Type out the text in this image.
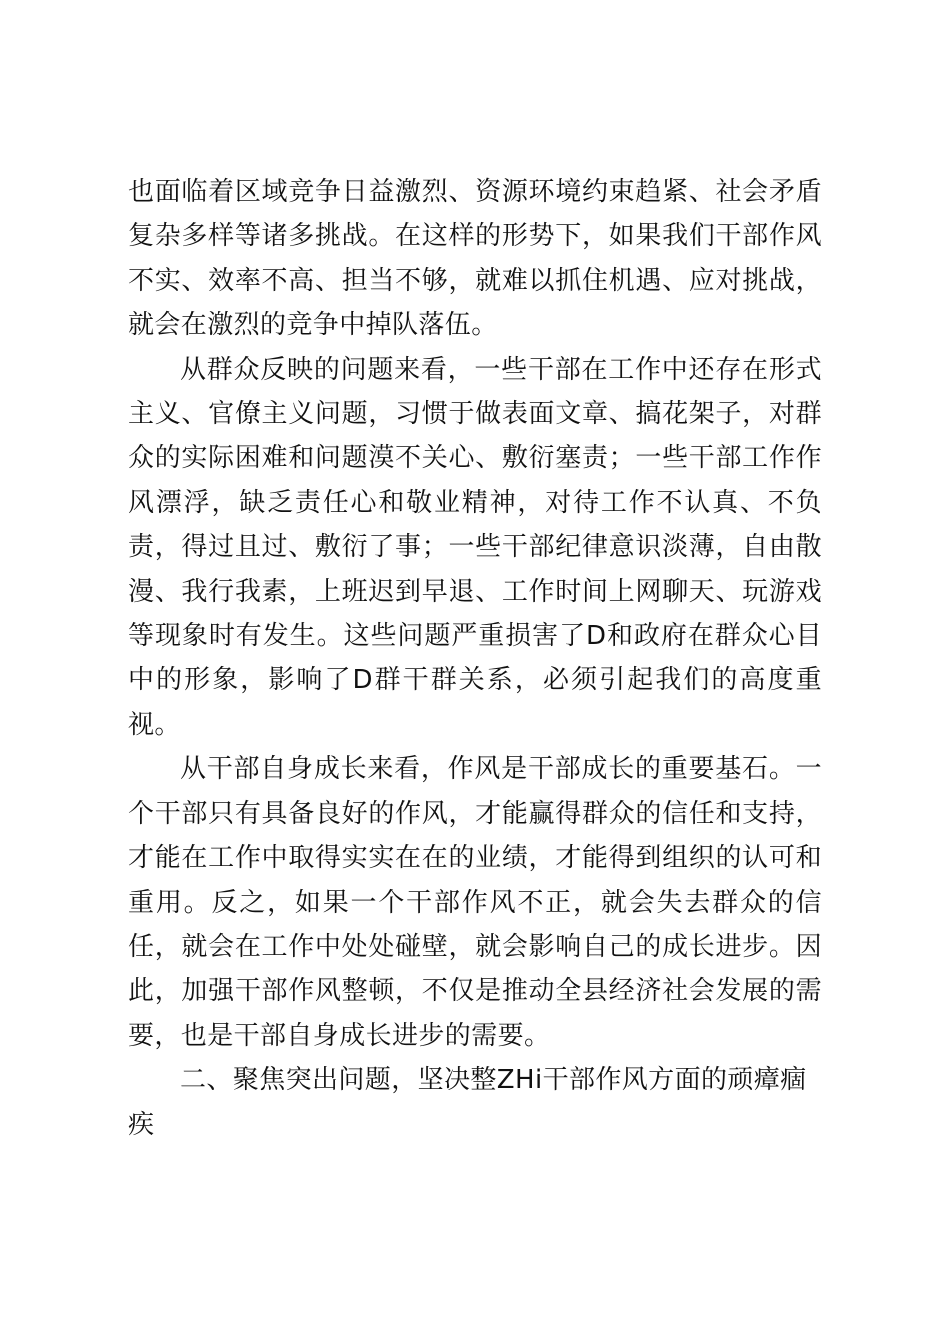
也面临着区域竞争日益激烈、资源环境约束趋紧、社会矛盾复杂多样等诸多挑战。在这样的形势下，如果我们干部作风不实、效率不高、担当不够，就难以抓住机遇、应对挑战，就会在激烈的竞争中掉队落伍。

从群众反映的问题来看，一些干部在工作中还存在形式主义、官僚主义问题，习惯于做表面文章、搞花架子，对群众的实际困难和问题漠不关心、敷衍塞责；一些干部工作作风漂浮，缺乏责任心和敬业精神，对待工作不认真、不负责，得过且过、敷衍了事；一些干部纪律意识淡薄，自由散漫、我行我素，上班迟到早退、工作时间上网聊天、玩游戏等现象时有发生。这些问题严重损害了D和政府在群众心目中的形象，影响了D群干群关系，必须引起我们的高度重视。

从干部自身成长来看，作风是干部成长的重要基石。一个干部只有具备良好的作风，才能赢得群众的信任和支持，才能在工作中取得实实在在的业绩，才能得到组织的认可和重用。反之，如果一个干部作风不正，就会失去群众的信任，就会在工作中处处碰壁，就会影响自己的成长进步。因此，加强干部作风整顿，不仅是推动全县经济社会发展的需要，也是干部自身成长进步的需要。

二、聚焦突出问题，坚决整ZHi干部作风方面的顽瘴痼疾
